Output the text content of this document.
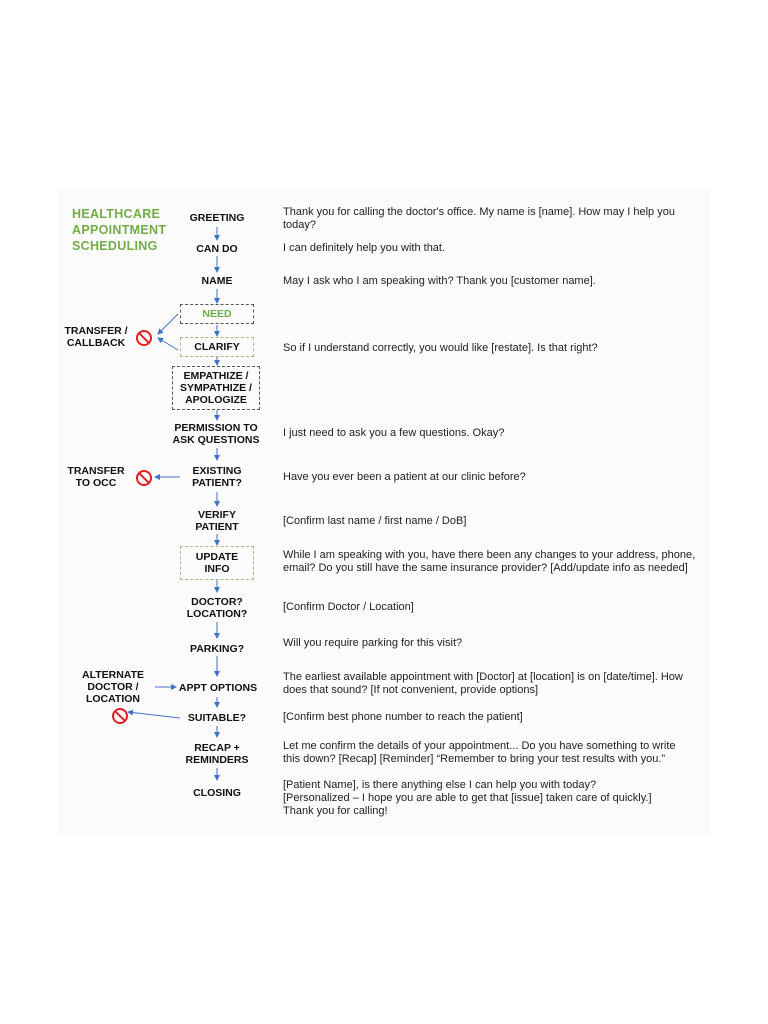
HEALTHCARE
APPOINTMENT
SCHEDULING
GREETING
CAN DO
NAME
NEED
CLARIFY
EMPATHIZE /
SYMPATHIZE /
APOLOGIZE
PERMISSION TO
ASK QUESTIONS
EXISTING
PATIENT?
VERIFY
PATIENT
UPDATE
INFO
DOCTOR?
LOCATION?
PARKING?
APPT OPTIONS
SUITABLE?
RECAP +
REMINDERS
CLOSING
TRANSFER /
CALLBACK
TRANSFER
TO OCC
ALTERNATE
DOCTOR /
LOCATION
Thank you for calling the doctor's office. My name is [name]. How may I help you
today?
I can definitely help you with that.
May I ask who I am speaking with? Thank you [customer name].
So if I understand correctly, you would like [restate]. Is that right?
I just need to ask you a few questions. Okay?
Have you ever been a patient at our clinic before?
[Confirm last name / first name / DoB]
While I am speaking with you, have there been any changes to your address, phone,
email? Do you still have the same insurance provider? [Add/update info as needed]
[Confirm Doctor / Location]
Will you require parking for this visit?
The earliest available appointment with [Doctor] at [location] is on [date/time]. How
does that sound? [If not convenient, provide options]
[Confirm best phone number to reach the patient]
Let me confirm the details of your appointment... Do you have something to write
this down? [Recap] [Reminder] “Remember to bring your test results with you.”
[Patient Name], is there anything else I can help you with today?
[Personalized – I hope you are able to get that [issue] taken care of quickly.]
Thank you for calling!
